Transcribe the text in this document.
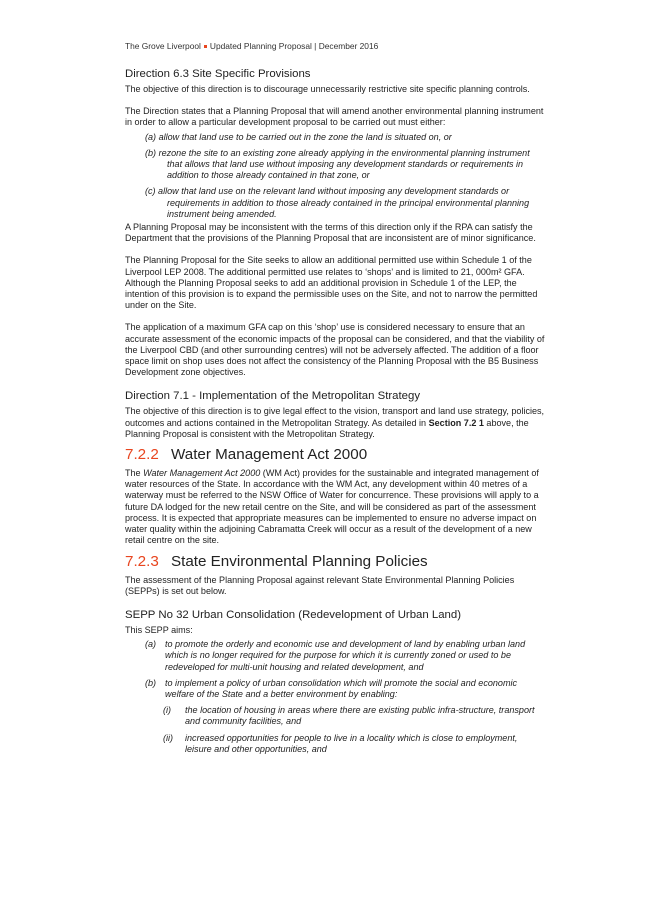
The Grove Liverpool Updated Planning Proposal | December 2016
Direction 6.3 Site Specific Provisions

The objective of this direction is to discourage unnecessarily restrictive site specific planning controls.

The Direction states that a Planning Proposal that will amend another environmental planning instrument in order to allow a particular development proposal to be carried out must either:

(a) allow that land use to be carried out in the zone the land is situated on, or
(b) rezone the site to an existing zone already applying in the environmental planning instrument that allows that land use without imposing any development standards or requirements in addition to those already contained in that zone, or
(c) allow that land use on the relevant land without imposing any development standards or requirements in addition to those already contained in the principal environmental planning instrument being amended.

A Planning Proposal may be inconsistent with the terms of this direction only if the RPA can satisfy the Department that the provisions of the Planning Proposal that are inconsistent are of minor significance.

The Planning Proposal for the Site seeks to allow an additional permitted use within Schedule 1 of the Liverpool LEP 2008. The additional permitted use relates to ‘shops’ and is limited to 21, 000m² GFA. Although the Planning Proposal seeks to add an additional provision in Schedule 1 of the LEP, the intention of this provision is to expand the permissible uses on the Site, and not to narrow the permitted under on the Site.

The application of a maximum GFA cap on this ‘shop’ use is considered necessary to ensure that an accurate assessment of the economic impacts of the proposal can be considered, and that the viability of the Liverpool CBD (and other surrounding centres) will not be adversely affected. The addition of a floor space limit on shop uses does not affect the consistency of the Planning Proposal with the B5 Business Development zone objectives.

Direction 7.1 - Implementation of the Metropolitan Strategy

The objective of this direction is to give legal effect to the vision, transport and land use strategy, policies, outcomes and actions contained in the Metropolitan Strategy. As detailed in Section 7.2 1 above, the Planning Proposal is consistent with the Metropolitan Strategy.

7.2.2 Water Management Act 2000

The Water Management Act 2000 (WM Act) provides for the sustainable and integrated management of water resources of the State. In accordance with the WM Act, any development within 40 metres of a waterway must be referred to the NSW Office of Water for concurrence. These provisions will apply to a future DA lodged for the new retail centre on the Site, and will be considered as part of the assessment process. It is expected that appropriate measures can be implemented to ensure no adverse impact on water quality within the adjoining Cabramatta Creek will occur as a result of the development of a new retail centre on the site.

7.2.3 State Environmental Planning Policies

The assessment of the Planning Proposal against relevant State Environmental Planning Policies (SEPPs) is set out below.

SEPP No 32 Urban Consolidation (Redevelopment of Urban Land)

This SEPP aims:

(a) to promote the orderly and economic use and development of land by enabling urban land which is no longer required for the purpose for which it is currently zoned or used to be redeveloped for multi-unit housing and related development, and
(b) to implement a policy of urban consolidation which will promote the social and economic welfare of the State and a better environment by enabling:
(i)	the location of housing in areas where there are existing public infra-structure, transport and community facilities, and
(ii)	increased opportunities for people to live in a locality which is close to employment, leisure and other opportunities, and
